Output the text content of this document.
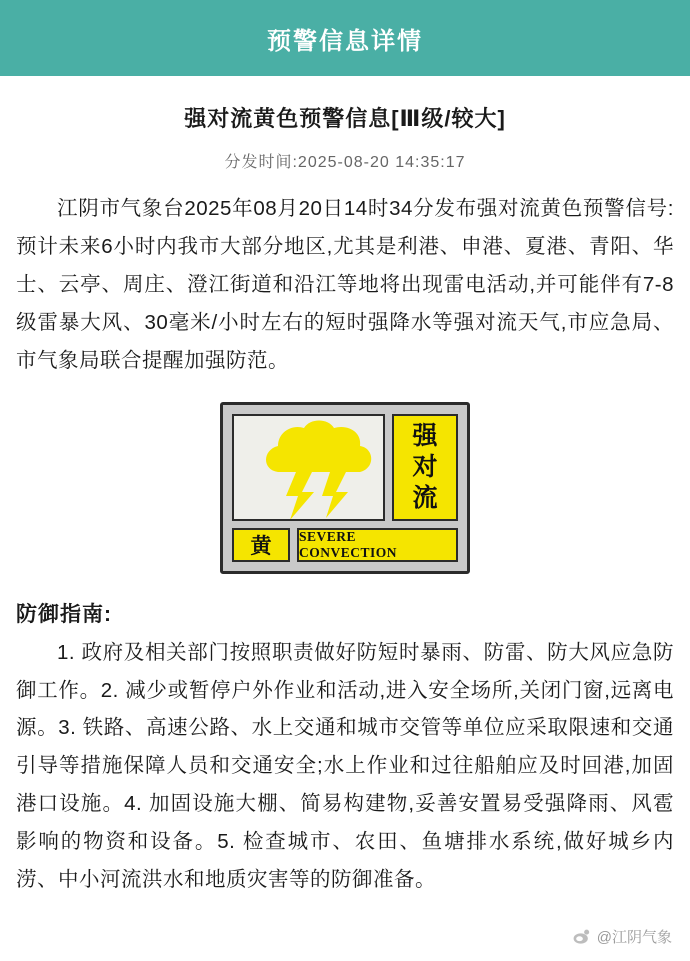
预警信息详情
强对流黄色预警信息[Ⅲ级/较大]
分发时间:2025-08-20 14:35:17
江阴市气象台2025年08月20日14时34分发布强对流黄色预警信号:预计未来6小时内我市大部分地区,尤其是利港、申港、夏港、青阳、华士、云亭、周庄、澄江街道和沿江等地将出现雷电活动,并可能伴有7-8级雷暴大风、30毫米/小时左右的短时强降水等强对流天气,市应急局、市气象局联合提醒加强防范。
强
对
流
黄 SEVERE CONVECTION
防御指南:
1. 政府及相关部门按照职责做好防短时暴雨、防雷、防大风应急防御工作。2. 减少或暂停户外作业和活动,进入安全场所,关闭门窗,远离电源。3. 铁路、高速公路、水上交通和城市交管等单位应采取限速和交通引导等措施保障人员和交通安全;水上作业和过往船舶应及时回港,加固港口设施。4. 加固设施大棚、简易构建物,妥善安置易受强降雨、风雹影响的物资和设备。5. 检查城市、农田、鱼塘排水系统,做好城乡内涝、中小河流洪水和地质灾害等的防御准备。
@江阴气象
